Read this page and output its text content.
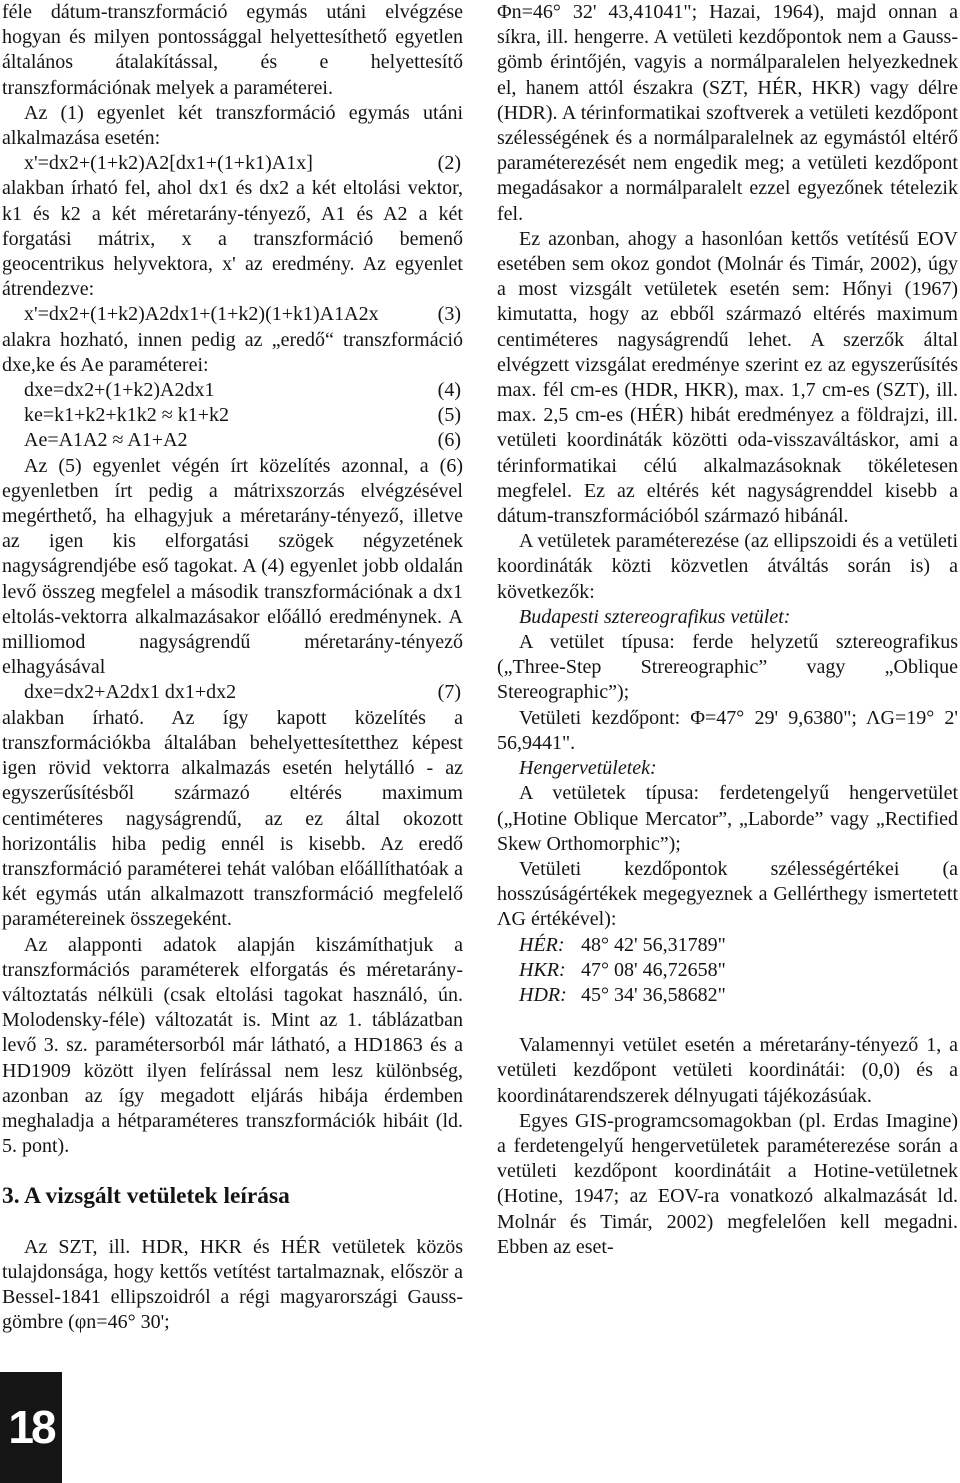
féle dátum-transzformáció egymás utáni elvégzése hogyan és milyen pontossággal helyettesíthető egyetlen általános átalakítással, és e helyettesítő transzformációnak melyek a paraméterei.

Az (1) egyenlet két transzformáció egymás utáni alkalmazása esetén:

x'=dx2+(1+k2)A2[dx1+(1+k1)A1x]	(2)

alakban írható fel, ahol dx1 és dx2 a két eltolási vektor, k1 és k2 a két méretarány-tényező, A1 és A2 a két forgatási mátrix, x a transzformáció bemenő geocentrikus helyvektora, x' az eredmény. Az egyenlet átrendezve:

x'=dx2+(1+k2)A2dx1+(1+k2)(1+k1)A1A2x	(3)

alakra hozható, innen pedig az „eredő“ transzformáció dxe,ke és Ae paraméterei:

dxe=dx2+(1+k2)A2dx1	(4)
ke=k1+k2+k1k2 ≈ k1+k2	(5)
Ae=A1A2 ≈ A1+A2	(6)

Az (5) egyenlet végén írt közelítés azonnal, a (6) egyenletben írt pedig a mátrixszorzás elvégzésével megérthető, ha elhagyjuk a méretarány-tényező, illetve az igen kis elforgatási szögek négyzetének nagyságrendjébe eső tagokat. A (4) egyenlet jobb oldalán levő összeg megfelel a második transzformációnak a dx1 eltolás-vektorra alkalmazásakor előálló eredménynek. A milliomod nagyságrendű méretarány-tényező elhagyásával

dxe=dx2+A2dx1 dx1+dx2	(7)

alakban írható. Az így kapott közelítés a transzformációkba általában behelyettesítetthez képest igen rövid vektorra alkalmazás esetén helytálló - az egyszerűsítésből származó eltérés maximum centiméteres nagyságrendű, az ez által okozott horizontális hiba pedig ennél is kisebb. Az eredő transzformáció paraméterei tehát valóban előállíthatóak a két egymás után alkalmazott transzformáció megfelelő paramétereinek összegeként.

Az alapponti adatok alapján kiszámíthatjuk a transzformációs paraméterek elforgatás és méretarány-változtatás nélküli (csak eltolási tagokat használó, ún. Molodensky-féle) változatát is. Mint az 1. táblázatban levő 3. sz. paramétersorból már látható, a HD1863 és a HD1909 között ilyen felírással nem lesz különbség, azonban az így megadott eljárás hibája érdemben meghaladja a hétparaméteres transzformációk hibáit (ld. 5. pont).

3. A vizsgált vetületek leírása

Az SZT, ill. HDR, HKR és HÉR vetületek közös tulajdonsága, hogy kettős vetítést tartalmaznak, először a Bessel-1841 ellipszoidról a régi magyarországi Gauss-gömbre (φn=46° 30';

Φn=46° 32' 43,41041"; Hazai, 1964), majd onnan a síkra, ill. hengerre. A vetületi kezdőpontok nem a Gauss-gömb érintőjén, vagyis a normálparalelen helyezkednek el, hanem attól északra (SZT, HÉR, HKR) vagy délre (HDR). A térinformatikai szoftverek a vetületi kezdőpont szélességének és a normálparalelnek az egymástól eltérő paraméterezését nem engedik meg; a vetületi kezdőpont megadásakor a normálparalelt ezzel egyezőnek tételezik fel.

Ez azonban, ahogy a hasonlóan kettős vetítésű EOV esetében sem okoz gondot (Molnár és Timár, 2002), úgy a most vizsgált vetületek esetén sem: Hőnyi (1967) kimutatta, hogy az ebből származó eltérés maximum centiméteres nagyságrendű lehet. A szerzők által elvégzett vizsgálat eredménye szerint ez az egyszerűsítés max. fél cm-es (HDR, HKR), max. 1,7 cm-es (SZT), ill. max. 2,5 cm-es (HÉR) hibát eredményez a földrajzi, ill. vetületi koordináták közötti oda-visszaváltáskor, ami a térinformatikai célú alkalmazásoknak tökéletesen megfelel. Ez az eltérés két nagyságrenddel kisebb a dátum-transzformációból származó hibánál.

A vetületek paraméterezése (az ellipszoidi és a vetületi koordináták közti közvetlen átváltás során is) a következők:

Budapesti sztereografikus vetület:

A vetület típusa: ferde helyzetű sztereografikus („Three-Step Strereographic” vagy „Oblique Stereographic”);

Vetületi kezdőpont: Φ=47° 29' 9,6380"; ΛG=19° 2' 56,9441".

Hengervetületek:

A vetületek típusa: ferdetengelyű hengervetület („Hotine Oblique Mercator”, „Laborde” vagy „Rectified Skew Orthomorphic”);

Vetületi kezdőpontok szélességértékei (a hosszúságértékek megegyeznek a Gellérthegy ismertetett ΛG értékével):

HÉR: 48° 42' 56,31789"
HKR: 47° 08' 46,72658"
HDR: 45° 34' 36,58682"

Valamennyi vetület esetén a méretarány-tényező 1, a vetületi kezdőpont vetületi koordinátái: (0,0) és a koordinátarendszerek délnyugati tájékozásúak.

Egyes GIS-programcsomagokban (pl. Erdas Imagine) a ferdetengelyű hengervetületek paraméterezése során a vetületi kezdőpont koordinátáit a Hotine-vetületnek (Hotine, 1947; az EOV-ra vonatkozó alkalmazását ld. Molnár és Timár, 2002) megfelelően kell megadni. Ebben az eset-

18
